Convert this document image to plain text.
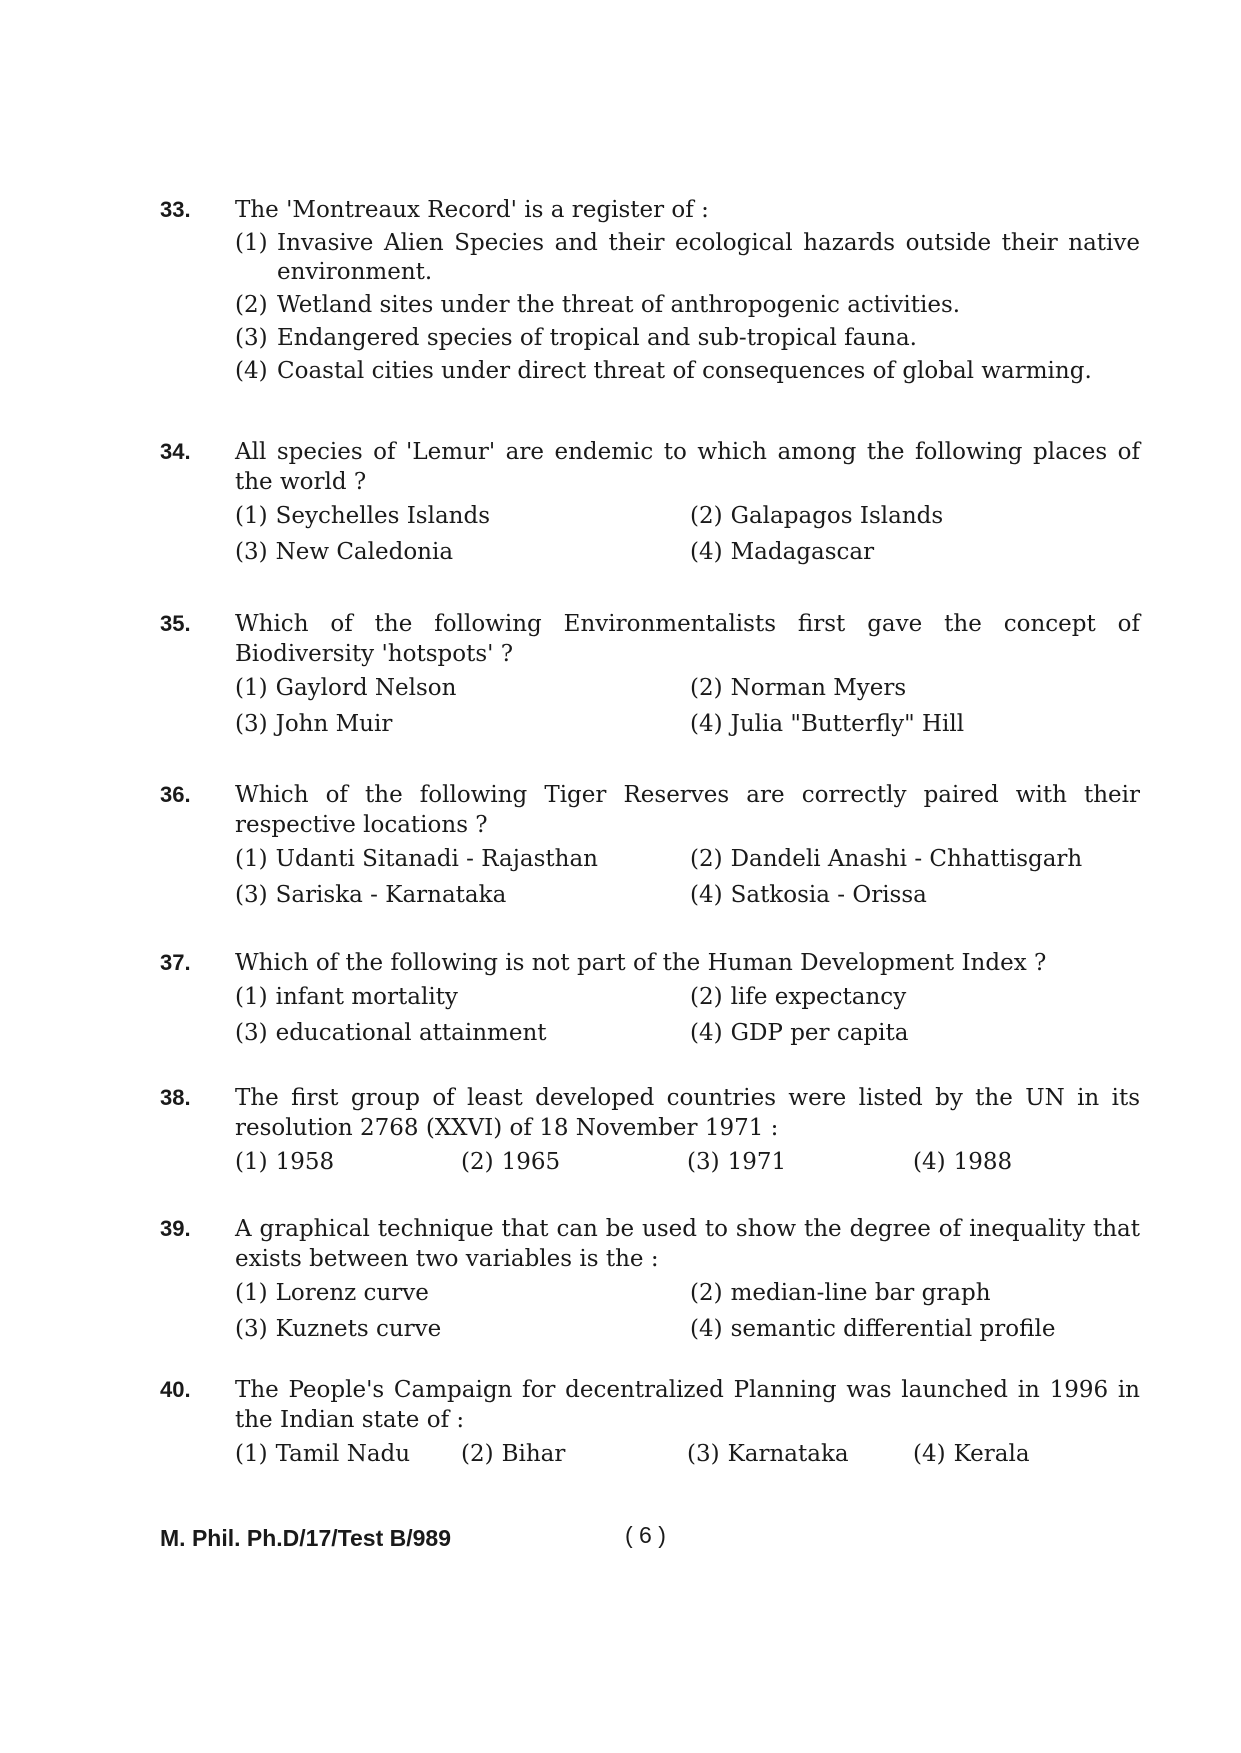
33.	The 'Montreaux Record' is a register of :
(1) Invasive Alien Species and their ecological hazards outside their native environment.
(2) Wetland sites under the threat of anthropogenic activities.
(3) Endangered species of tropical and sub-tropical fauna.
(4) Coastal cities under direct threat of consequences of global warming.
34.	All species of 'Lemur' are endemic to which among the following places of the world ?
(1) Seychelles Islands	(2) Galapagos Islands
(3) New Caledonia	(4) Madagascar
35.	Which of the following Environmentalists first gave the concept of Biodiversity 'hotspots' ?
(1) Gaylord Nelson	(2) Norman Myers
(3) John Muir	(4) Julia "Butterfly" Hill
36.	Which of the following Tiger Reserves are correctly paired with their respective locations ?
(1) Udanti Sitanadi - Rajasthan	(2) Dandeli Anashi - Chhattisgarh
(3) Sariska - Karnataka	(4) Satkosia - Orissa
37.	Which of the following is not part of the Human Development Index ?
(1) infant mortality	(2) life expectancy
(3) educational attainment	(4) GDP per capita
38.	The first group of least developed countries were listed by the UN in its resolution 2768 (XXVI) of 18 November 1971 :
(1) 1958	(2) 1965	(3) 1971	(4) 1988
39.	A graphical technique that can be used to show the degree of inequality that exists between two variables is the :
(1) Lorenz curve	(2) median-line bar graph
(3) Kuznets curve	(4) semantic differential profile
40.	The People's Campaign for decentralized Planning was launched in 1996 in the Indian state of :
(1) Tamil Nadu	(2) Bihar	(3) Karnataka	(4) Kerala
M. Phil. Ph.D/17/Test B/989	( 6 )
